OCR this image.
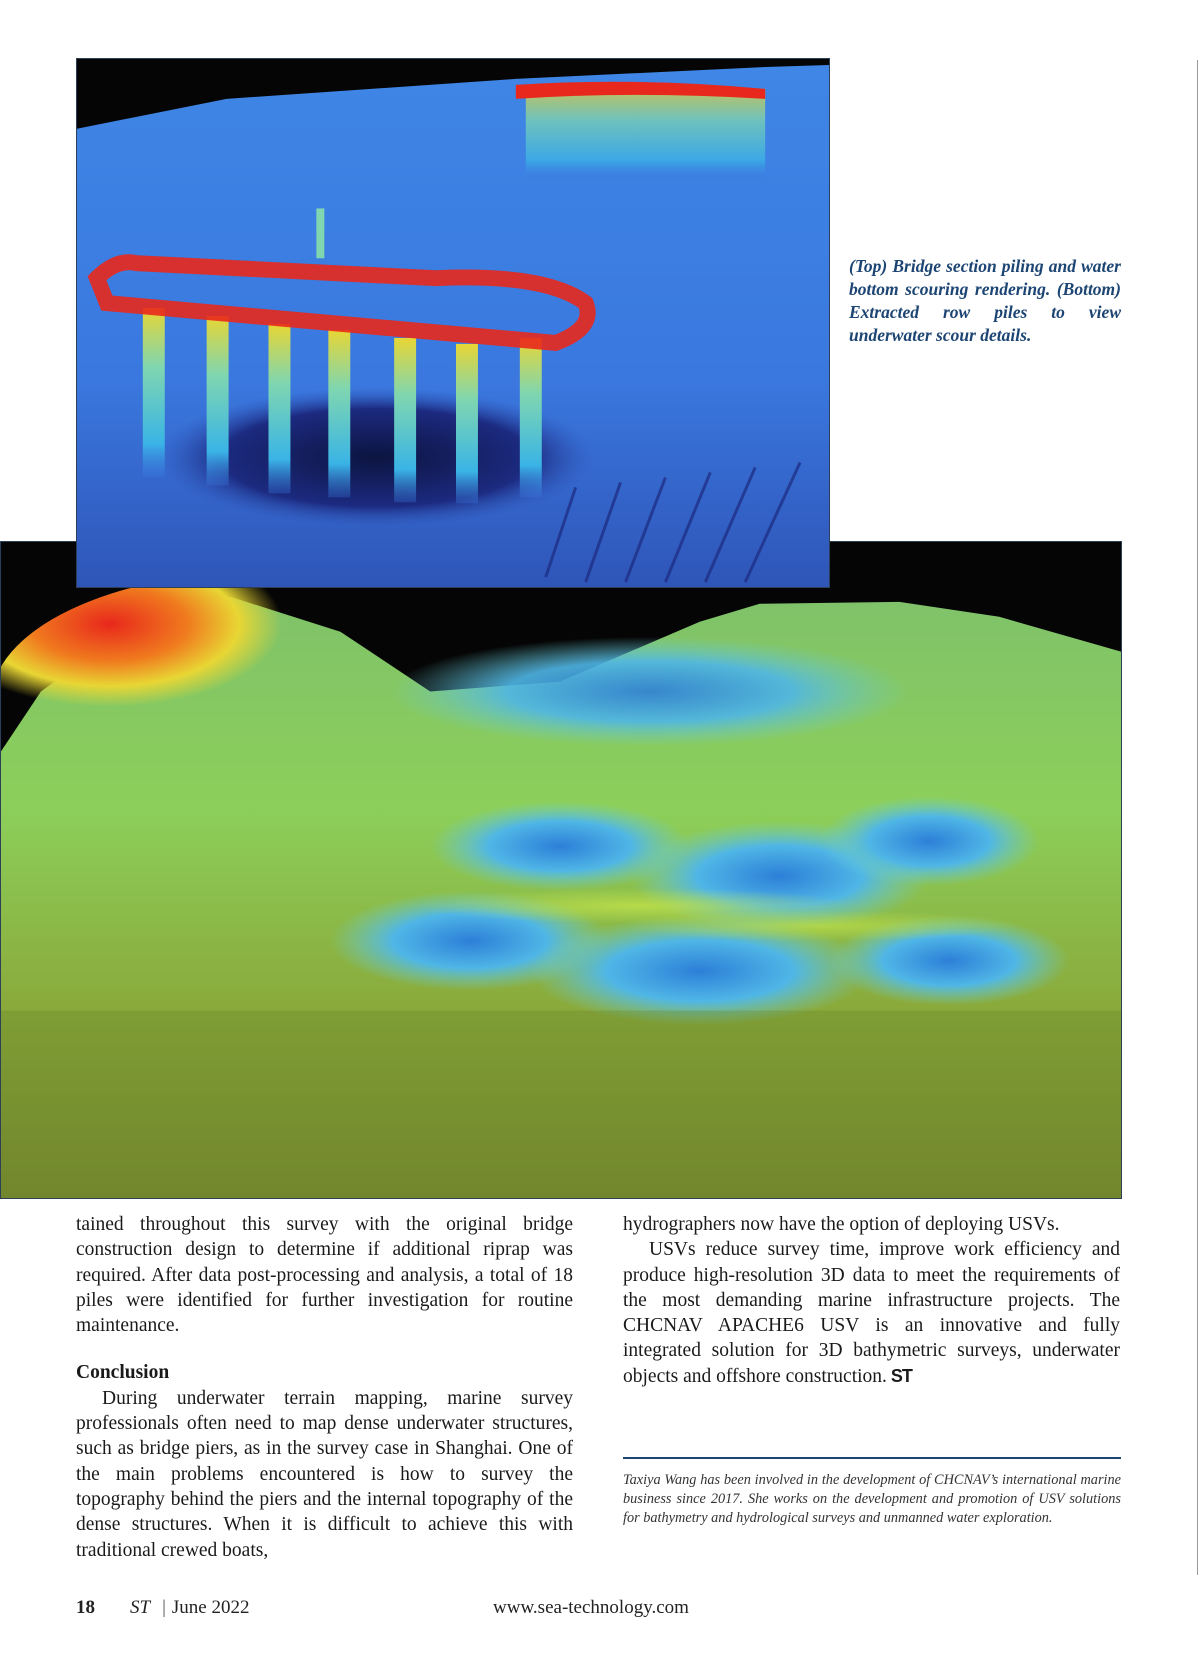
(Top) Bridge section piling and water bottom scouring rendering. (Bottom) Extracted row piles to view underwater scour details.

tained throughout this survey with the original bridge construction design to determine if additional riprap was required. After data post-processing and analysis, a total of 18 piles were identified for further investigation for routine maintenance.

Conclusion

During underwater terrain mapping, marine survey professionals often need to map dense underwater structures, such as bridge piers, as in the survey case in Shanghai. One of the main problems encountered is how to survey the topography behind the piers and the internal topography of the dense structures. When it is difficult to achieve this with traditional crewed boats,

hydrographers now have the option of deploying USVs.

USVs reduce survey time, improve work efficiency and produce high-resolution 3D data to meet the requirements of the most demanding marine infrastructure projects. The CHCNAV APACHE6 USV is an innovative and fully integrated solution for 3D bathymetric surveys, underwater objects and offshore construction. ST

Taxiya Wang has been involved in the development of CHCNAV’s international marine business since 2017. She works on the development and promotion of USV solutions for bathymetry and hydrological surveys and unmanned water exploration.

18 ST | June 2022	www.sea-technology.com
